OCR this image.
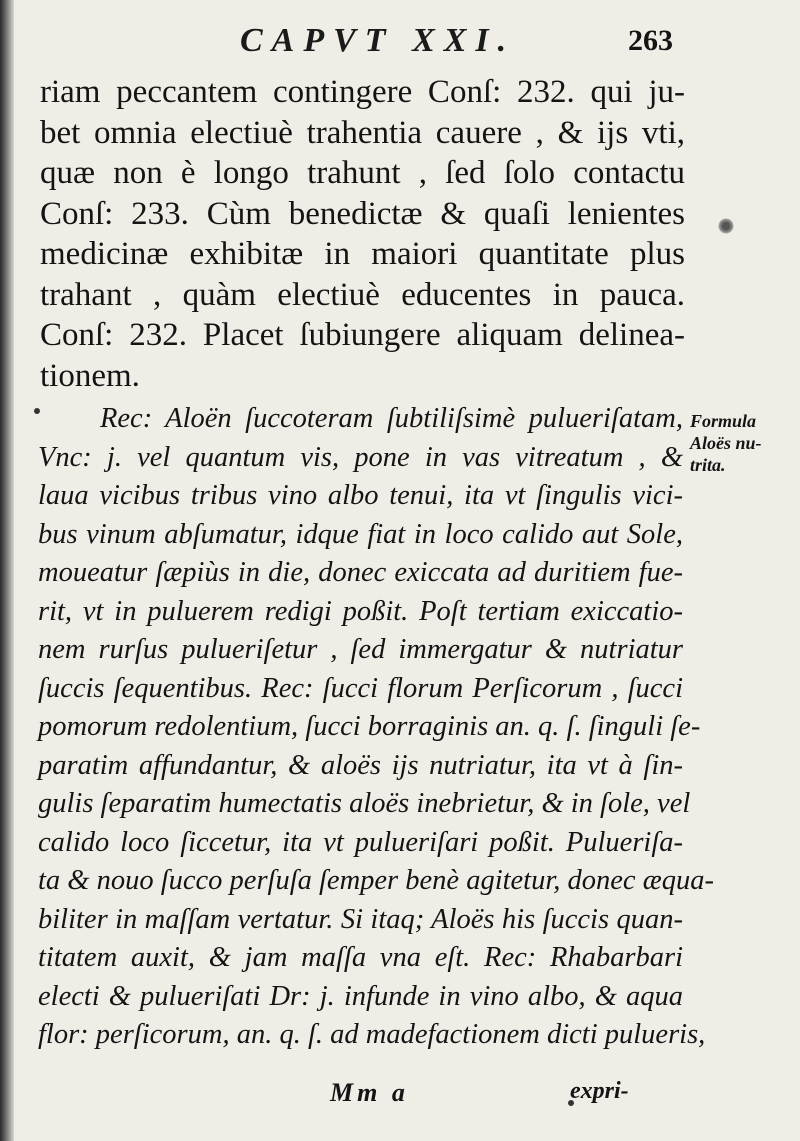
CAPVT XXI.	263
riam peccantem contingere Conſ: 232. qui ju-
bet omnia electiuè trahentia cauere , & ijs vti,
quæ non è longo trahunt , ſed ſolo contactu
Conſ: 233. Cùm benedictæ & quaſi lenientes
medicinæ exhibitæ in maiori quantitate plus
trahant , quàm electiuè educentes in pauca.
Conſ: 232. Placet ſubiungere aliquam delinea-
tionem.
Rec: Aloën ſuccoteram ſubtiliſsimè pulueriſatam,
Vnc: j. vel quantum vis, pone in vas vitreatum , &
laua vicibus tribus vino albo tenui, ita vt ſingulis vici-
bus vinum abſumatur, idque fiat in loco calido aut Sole,
moueatur ſæpiùs in die, donec exiccata ad duritiem fue-
rit, vt in puluerem redigi poßit. Poſt tertiam exiccatio-
nem rurſus pulueriſetur , ſed immergatur & nutriatur
ſuccis ſequentibus. Rec: ſucci florum Perſicorum , ſucci
pomorum redolentium, ſucci borraginis an. q. ſ. ſinguli ſe-
paratim affundantur, & aloës ijs nutriatur, ita vt à ſin-
gulis ſeparatim humectatis aloës inebrietur, & in ſole, vel
calido loco ſiccetur, ita vt pulueriſari poßit. Pulueriſa-
ta & nouo ſucco perſuſa ſemper benè agitetur, donec æqua-
biliter in maſſam vertatur. Si itaq; Aloës his ſuccis quan-
titatem auxit, & jam maſſa vna eſt. Rec: Rhabarbari
electi & pulueriſati Dr: j. infunde in vino albo, & aqua
flor: perſicorum, an. q. ſ. ad madefactionem dicti pulueris,
Formula
Aloës nu-
trita.
Mm a	expri-
